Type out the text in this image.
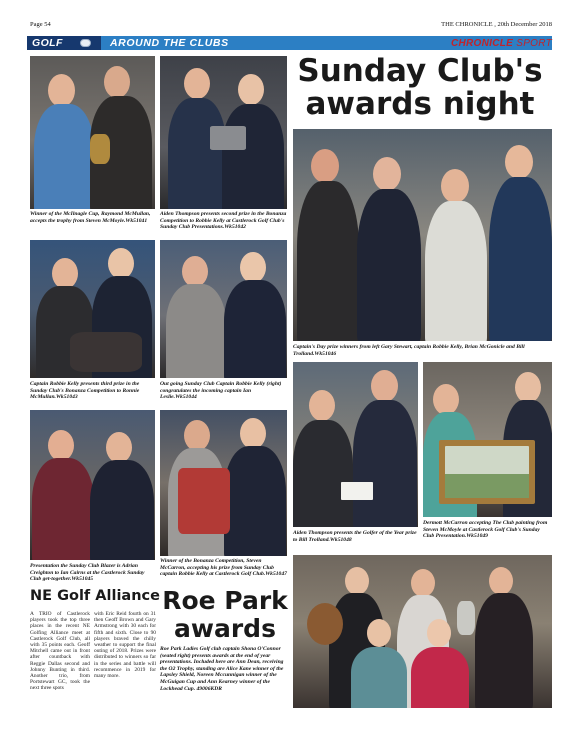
Page 54	THE CHRONICLE , 20th December 2018
GOLF	AROUND THE CLUBS	CHRONICLE SPORT
Sunday Club's
awards night
Winner of the McIlnagle Cup, Raymond McMullan, accepts the trophy from Steven McMoyle.Wk51041
Aiden Thompson presents second prize in the Bonanza Competition to Robbie Kelly at Castlerock Golf Club's Sunday Club Presentations.Wk51042
Captain's Day prize winners from left Gary Stewart, captain Robbie Kelly, Brian McGonicle and Bill Trolland.Wk51046
Captain Robbie Kelly presents third prize in the Sunday Club's Bonanza Competition to Ronnie McMullan.Wk51043
Out going Sunday Club Captain Robbie Kelly (right) congratulates the incoming captain Ian Leslie.Wk51044
Presentation the Sunday Club Blazer is Adrian Creighton to Ian Cairns at the Castlerock Sunday Club get-together.Wk51045
Winner of the Bonanza Competition, Steven McCarron, accepting his prize from Sunday Club captain Robbie Kelly at Castlerock Golf Club.Wk51047
Aiden Thompson presents the Golfer of the Year prize to Bill Trolland.Wk51048
Dermott McCarron accepting The Club painting from Steven McMoyle at Castlerock Golf Club's Sunday Club Presentation.Wk51049
NE Golf Alliance
A TRIO of Castlerock players took the top three places in the recent NE Golfing Alliance meet at Castlerock Golf Club, all with 35 points each. Geoff Mitchell came out in front after countback with Reggie Dallas second and Johnny Bunting in third. Another trio, from Portstewart GC, took the next three spots
with Eric Reid fourth on 31 then Geoff Brown and Gary Armstrong with 30 each for fifth and sixth. Close to 90 players braved the chilly weather to support the final outing of 2018. Prizes were distributed to winners so far in the series and battle will recommence in 2019 for many more.
Roe Park
awards
Roe Park Ladies Golf club captain Shona O'Connor (seated right) presents awards at the end of year presentations. Included here are Ann Dean, receiving the O2 Trophy, standing are Alice Kane winner of the Lapsley Shield, Noreen Mccunnigan winner of the McGuigan Cup and Ann Kearney winner of the Lockhead Cup. 49006KDR
